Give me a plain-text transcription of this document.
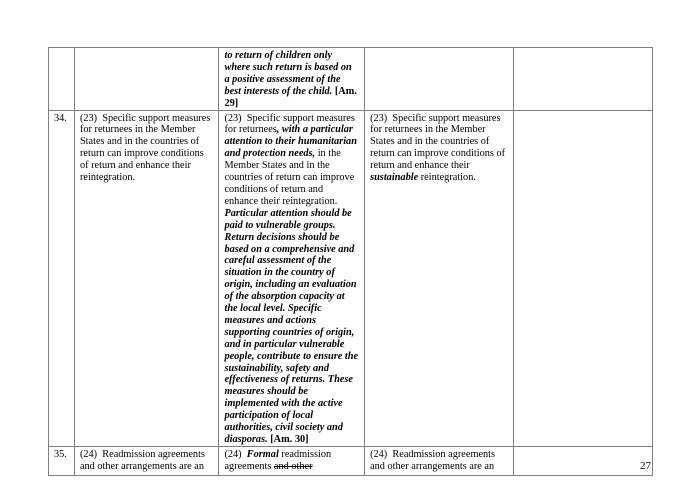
		to return of children only where such return is based on a positive assessment of the best interests of the child. [Am. 29]		
34.	(23)  Specific support measures for returnees in the Member States and in the countries of return can improve conditions of return and enhance their reintegration.	(23)  Specific support measures for returnees, with a particular attention to their humanitarian and protection needs, in the Member States and in the countries of return can improve conditions of return and enhance their reintegration. Particular attention should be paid to vulnerable groups. Return decisions should be based on a comprehensive and careful assessment of the situation in the country of origin, including an evaluation of the absorption capacity at the local level. Specific measures and actions supporting countries of origin, and in particular vulnerable people, contribute to ensure the sustainability, safety and effectiveness of returns. These measures should be implemented with the active participation of local authorities, civil society and diasporas. [Am. 30]	(23)  Specific support measures for returnees in the Member States and in the countries of return can improve conditions of return and enhance their sustainable reintegration.	
35.	(24)  Readmission agreements and other arrangements are an	(24)  Formal readmission agreements and other	(24)  Readmission agreements and other arrangements are an		27
